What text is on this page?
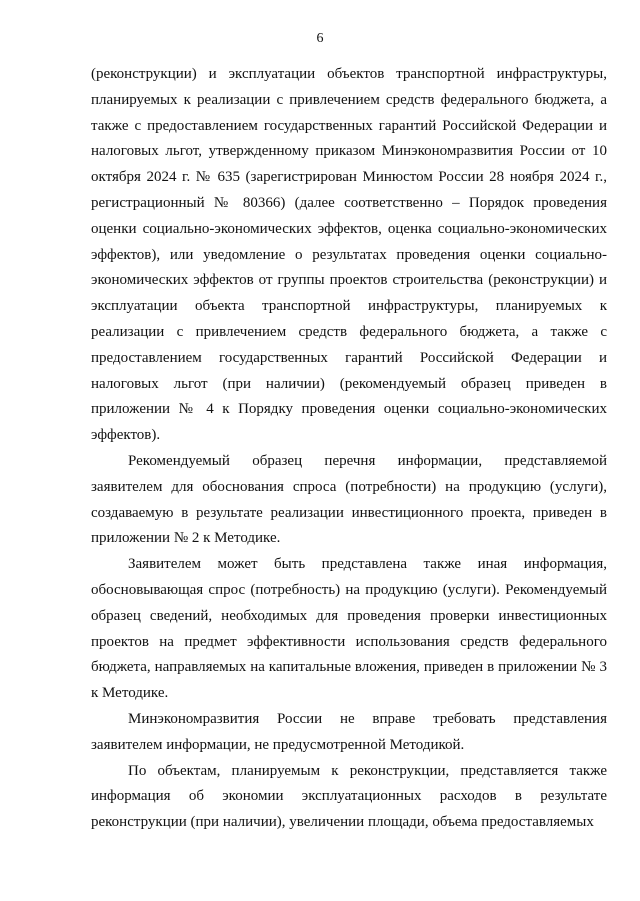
6

(реконструкции) и эксплуатации объектов транспортной инфраструктуры, планируемых к реализации с привлечением средств федерального бюджета, а также с предоставлением государственных гарантий Российской Федерации и налоговых льгот, утвержденному приказом Минэкономразвития России от 10 октября 2024 г. № 635 (зарегистрирован Минюстом России 28 ноября 2024 г., регистрационный № 80366) (далее соответственно – Порядок проведения оценки социально-экономических эффектов, оценка социально-экономических эффектов), или уведомление о результатах проведения оценки социально-экономических эффектов от группы проектов строительства (реконструкции) и эксплуатации объекта транспортной инфраструктуры, планируемых к реализации с привлечением средств федерального бюджета, а также с предоставлением государственных гарантий Российской Федерации и налоговых льгот (при наличии) (рекомендуемый образец приведен в приложении № 4 к Порядку проведения оценки социально-экономических эффектов).

Рекомендуемый образец перечня информации, представляемой заявителем для обоснования спроса (потребности) на продукцию (услуги), создаваемую в результате реализации инвестиционного проекта, приведен в приложении № 2 к Методике.

Заявителем может быть представлена также иная информация, обосновывающая спрос (потребность) на продукцию (услуги). Рекомендуемый образец сведений, необходимых для проведения проверки инвестиционных проектов на предмет эффективности использования средств федерального бюджета, направляемых на капитальные вложения, приведен в приложении № 3 к Методике.

Минэкономразвития России не вправе требовать представления заявителем информации, не предусмотренной Методикой.

По объектам, планируемым к реконструкции, представляется также информация об экономии эксплуатационных расходов в результате реконструкции (при наличии), увеличении площади, объема предоставляемых
